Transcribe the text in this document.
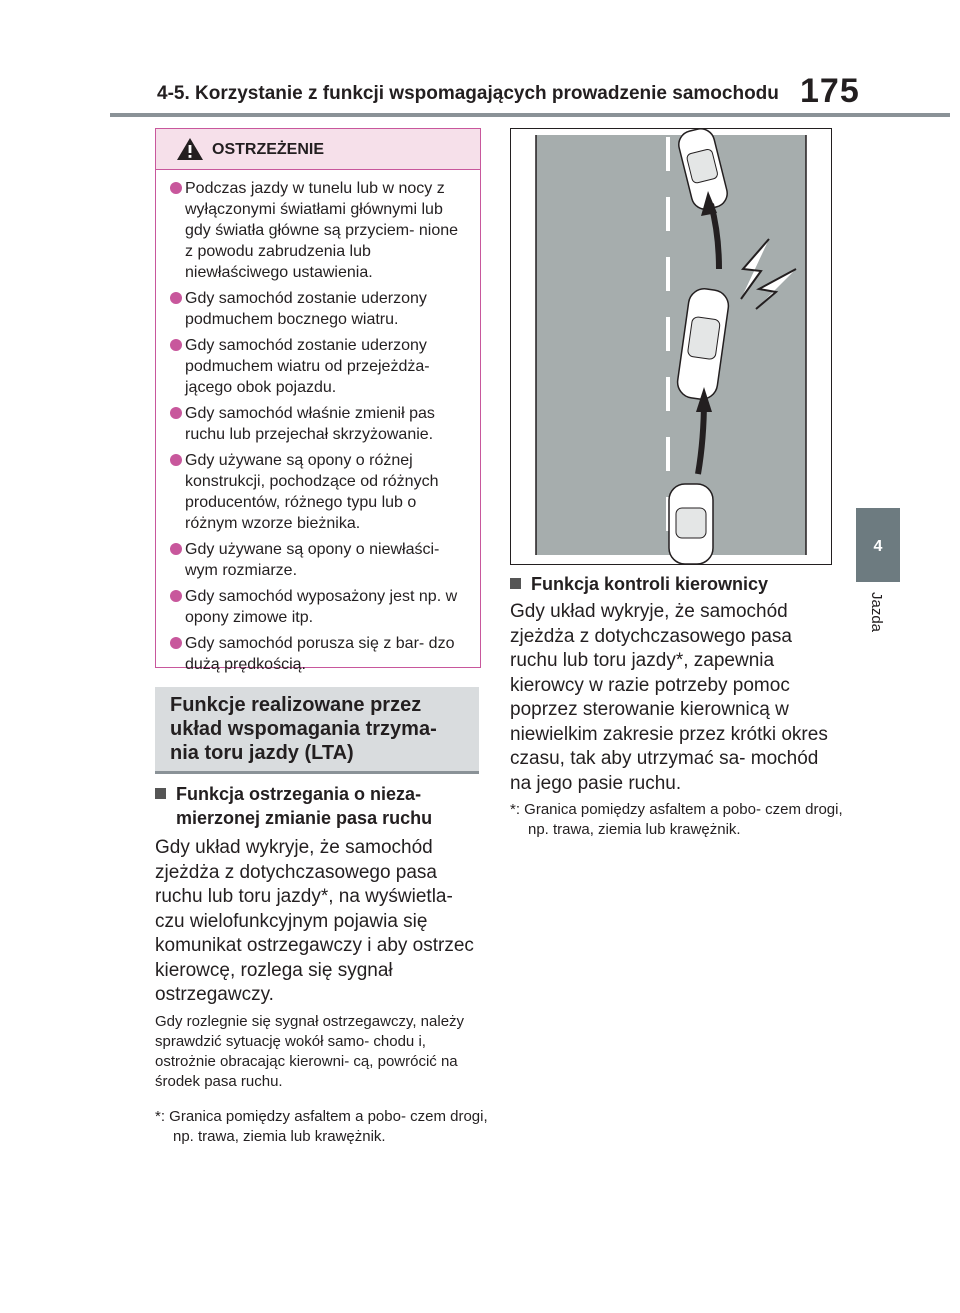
4-5. Korzystanie z funkcji wspomagających prowadzenie samochodu 175
4
Jazda
OSTRZEŻENIE
Podczas jazdy w tunelu lub w nocy z wyłączonymi światłami głównymi lub gdy światła główne są przyciem- nione z powodu zabrudzenia lub niewłaściwego ustawienia.
Gdy samochód zostanie uderzony podmuchem bocznego wiatru.
Gdy samochód zostanie uderzony podmuchem wiatru od przejeżdża- jącego obok pojazdu.
Gdy samochód właśnie zmienił pas ruchu lub przejechał skrzyżowanie.
Gdy używane są opony o różnej konstrukcji, pochodzące od różnych producentów, różnego typu lub o różnym wzorze bieżnika.
Gdy używane są opony o niewłaści- wym rozmiarze.
Gdy samochód wyposażony jest np. w opony zimowe itp.
Gdy samochód porusza się z bar- dzo dużą prędkością.
Funkcje realizowane przez układ wspomagania trzyma- nia toru jazdy (LTA)
Funkcja ostrzegania o nieza- mierzonej zmianie pasa ruchu
Gdy układ wykryje, że samochód zjeżdża z dotychczasowego pasa ruchu lub toru jazdy*, na wyświetla- czu wielofunkcyjnym pojawia się komunikat ostrzegawczy i aby ostrzec kierowcę, rozlega się sygnał ostrzegawczy.
Gdy rozlegnie się sygnał ostrzegawczy, należy sprawdzić sytuację wokół samo- chodu i, ostrożnie obracając kierowni- cą, powrócić na środek pasa ruchu.
*: Granica pomiędzy asfaltem a pobo- czem drogi, np. trawa, ziemia lub krawężnik.
Funkcja kontroli kierownicy
Gdy układ wykryje, że samochód zjeżdża z dotychczasowego pasa ruchu lub toru jazdy*, zapewnia kierowcy w razie potrzeby pomoc poprzez sterowanie kierownicą w niewielkim zakresie przez krótki okres czasu, tak aby utrzymać sa- mochód na jego pasie ruchu.
*: Granica pomiędzy asfaltem a pobo- czem drogi, np. trawa, ziemia lub krawężnik.
